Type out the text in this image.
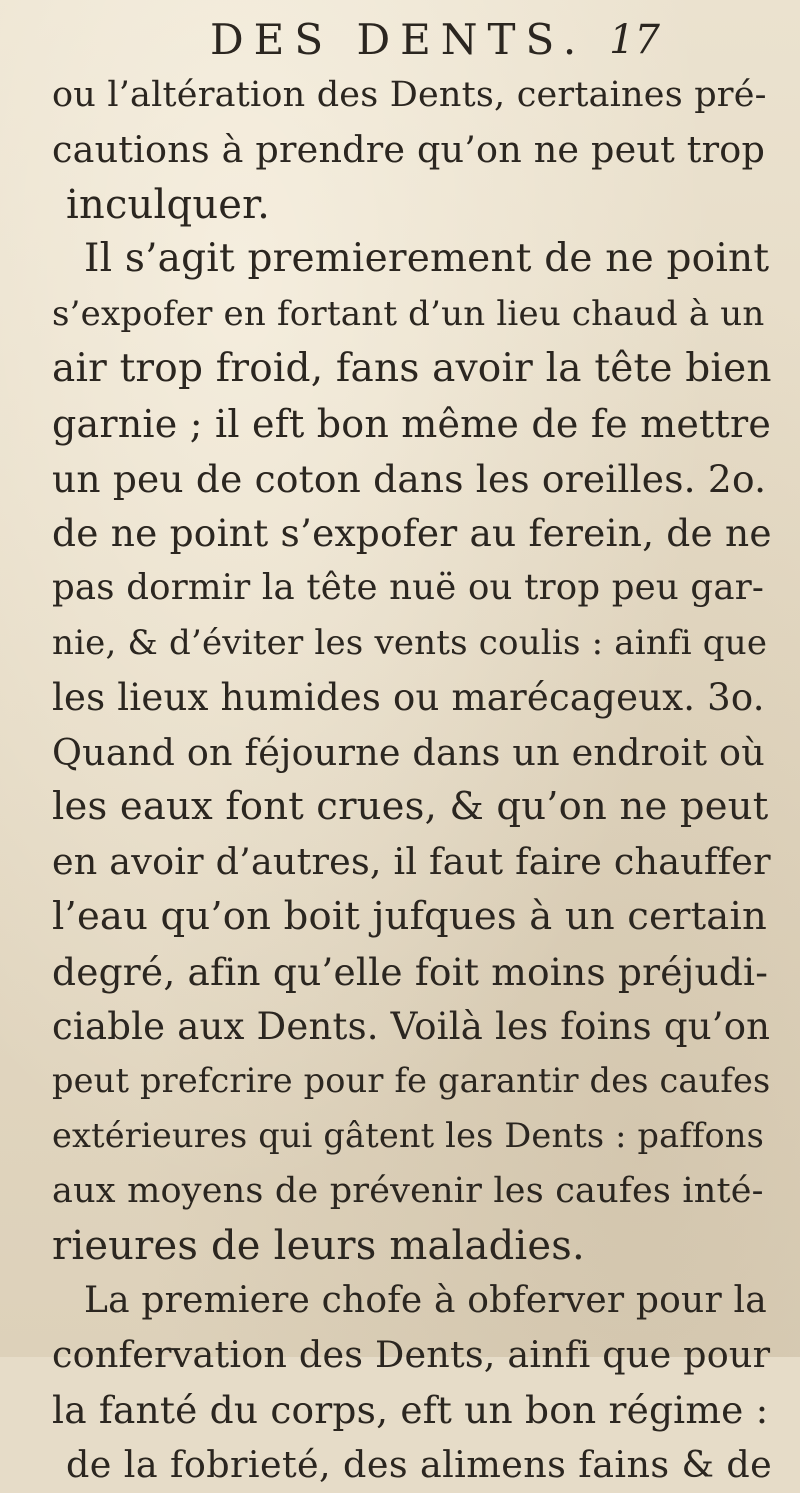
DES DENTS. 17
ou l’altération des Dents, certaines pré-
cautions à prendre qu’on ne peut trop
inculquer.
Il s’agit premierement de ne point
s’expofer en fortant d’un lieu chaud à un
air trop froid, fans avoir la tête bien
garnie ; il eft bon même de fe mettre
un peu de coton dans les oreilles. 2o.
de ne point s’expofer au ferein, de ne
pas dormir la tête nuë ou trop peu gar-
nie, & d’éviter les vents coulis : ainfi que
les lieux humides ou marécageux. 3o.
Quand on féjourne dans un endroit où
les eaux font crues, & qu’on ne peut
en avoir d’autres, il faut faire chauffer
l’eau qu’on boit jufques à un certain
degré, afin qu’elle foit moins préjudi-
ciable aux Dents. Voilà les foins qu’on
peut prefcrire pour fe garantir des caufes
extérieures qui gâtent les Dents : paffons
aux moyens de prévenir les caufes inté-
rieures de leurs maladies.
La premiere chofe à obferver pour la
confervation des Dents, ainfi que pour
la fanté du corps, eft un bon régime :
de la fobrieté, des alimens fains & de
